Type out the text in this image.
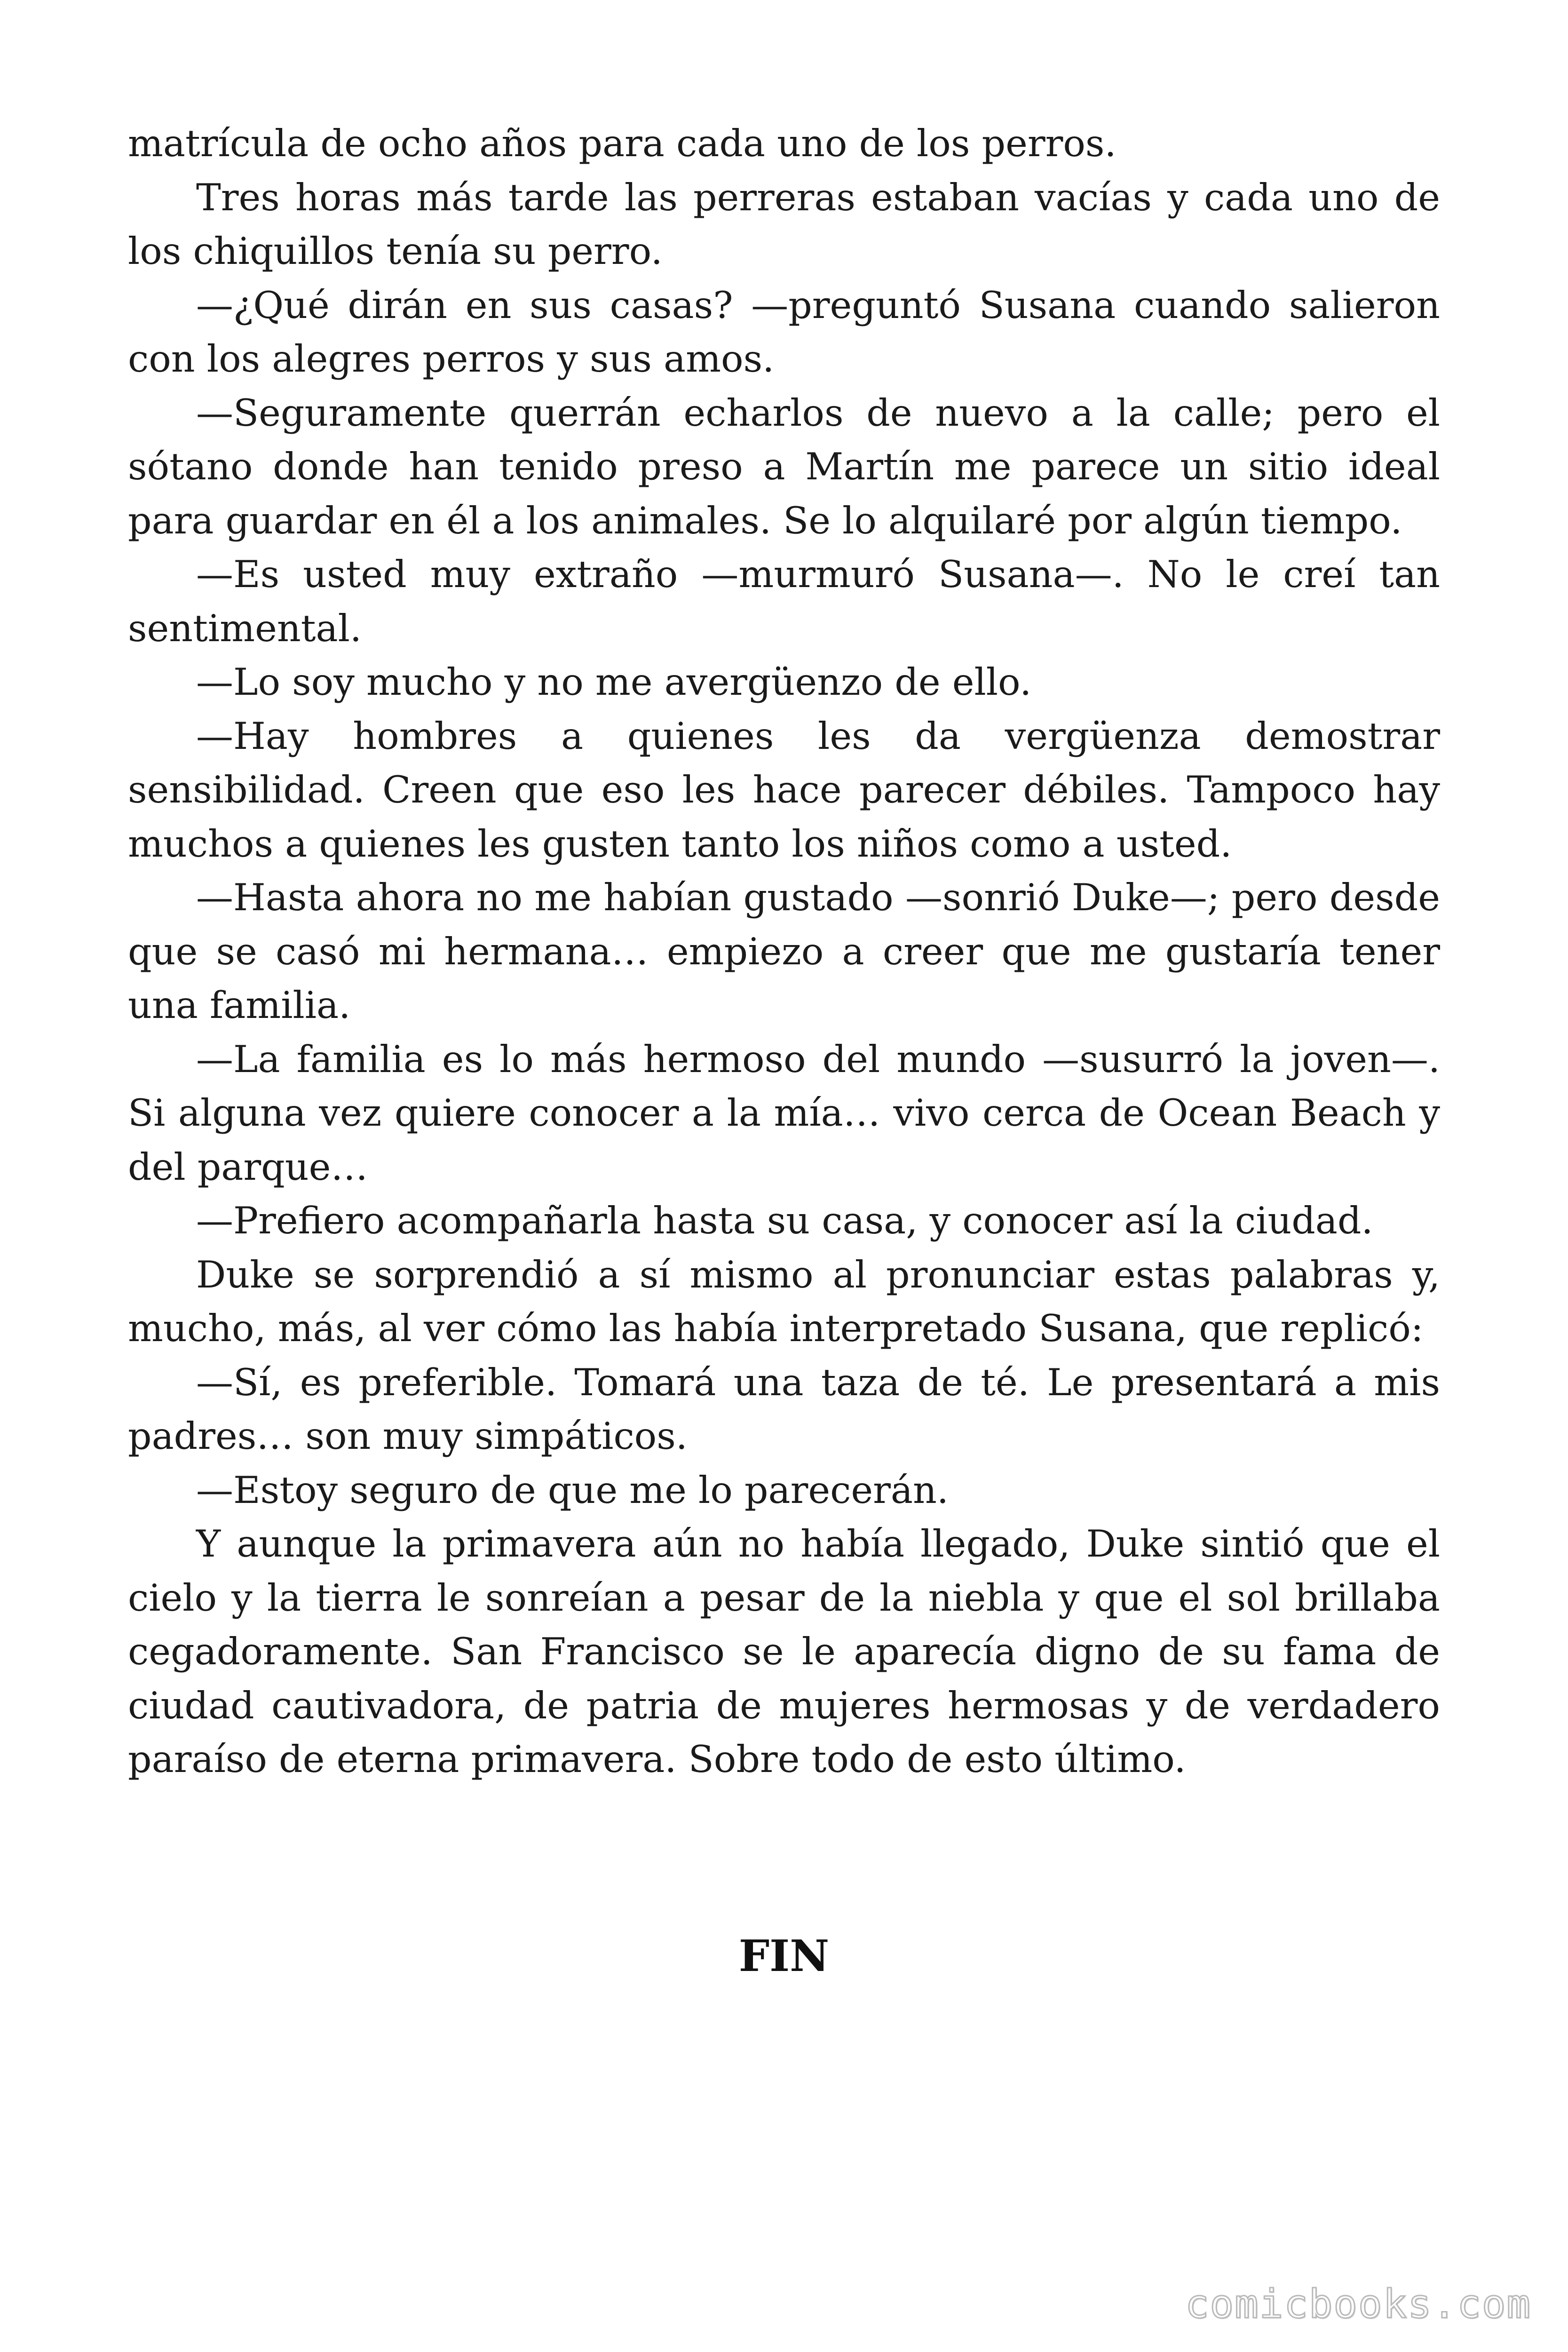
matrícula de ocho años para cada uno de los perros.

Tres horas más tarde las perreras estaban vacías y cada uno de los chiquillos tenía su perro.

—¿Qué dirán en sus casas? —preguntó Susana cuando salieron con los alegres perros y sus amos.

—Seguramente querrán echarlos de nuevo a la calle; pero el sótano donde han tenido preso a Martín me parece un sitio ideal para guardar en él a los animales. Se lo alquilaré por algún tiempo.

—Es usted muy extraño —murmuró Susana—. No le creí tan sentimental.

—Lo soy mucho y no me avergüenzo de ello.

—Hay hombres a quienes les da vergüenza demostrar sensibilidad. Creen que eso les hace parecer débiles. Tampoco hay muchos a quienes les gusten tanto los niños como a usted.

—Hasta ahora no me habían gustado —sonrió Duke—; pero desde que se casó mi hermana… empiezo a creer que me gustaría tener una familia.

—La familia es lo más hermoso del mundo —susurró la joven—. Si alguna vez quiere conocer a la mía… vivo cerca de Ocean Beach y del parque…

—Prefiero acompañarla hasta su casa, y conocer así la ciudad.

Duke se sorprendió a sí mismo al pronunciar estas palabras y, mucho, más, al ver cómo las había interpretado Susana, que replicó:

—Sí, es preferible. Tomará una taza de té. Le presentará a mis padres… son muy simpáticos.

—Estoy seguro de que me lo parecerán.

Y aunque la primavera aún no había llegado, Duke sintió que el cielo y la tierra le sonreían a pesar de la niebla y que el sol brillaba cegadoramente. San Francisco se le aparecía digno de su fama de ciudad cautivadora, de patria de mujeres hermosas y de verdadero paraíso de eterna primavera. Sobre todo de esto último.

FIN
comicbooks.com
